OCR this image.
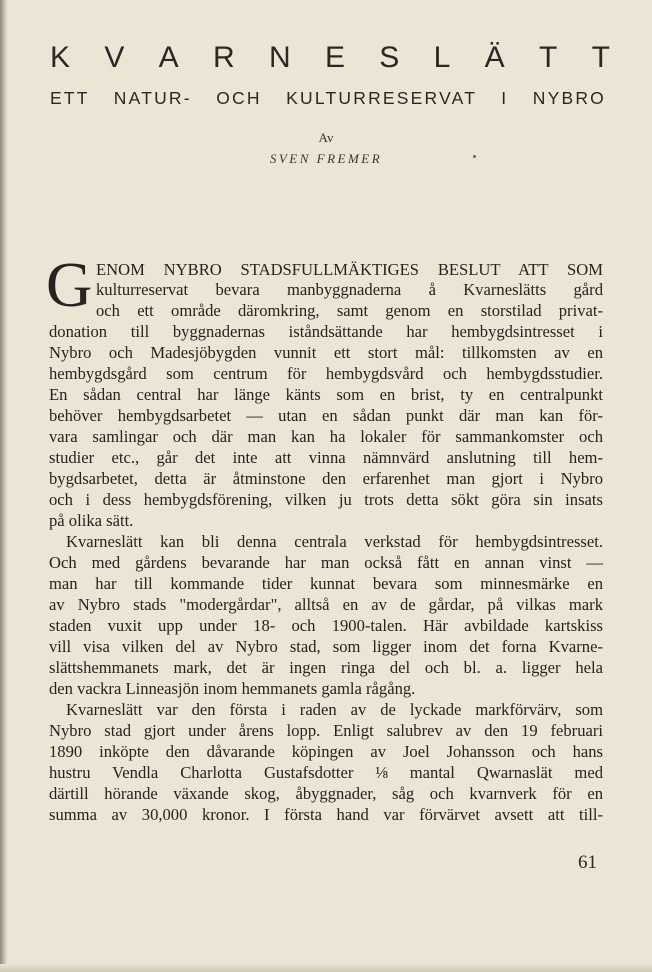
K V A R N E S L Ä T T
ETT NATUR- OCH KULTURRESERVAT I NYBRO
Av
SVEN FREMER
G ENOM NYBRO STADSFULLMÄKTIGES BESLUT ATT SOM
kulturreservat bevara manbyggnaderna å Kvarneslätts gård
och ett område däromkring, samt genom en storstilad privat-
donation till byggnadernas iståndsättande har hembygdsintresset i
Nybro och Madesjöbygden vunnit ett stort mål: tillkomsten av en
hembygdsgård som centrum för hembygdsvård och hembygdsstudier.
En sådan central har länge känts som en brist, ty en centralpunkt
behöver hembygdsarbetet — utan en sådan punkt där man kan för-
vara samlingar och där man kan ha lokaler för sammankomster och
studier etc., går det inte att vinna nämnvärd anslutning till hem-
bygdsarbetet, detta är åtminstone den erfarenhet man gjort i Nybro
och i dess hembygdsförening, vilken ju trots detta sökt göra sin insats
på olika sätt.
Kvarneslätt kan bli denna centrala verkstad för hembygdsintresset.
Och med gårdens bevarande har man också fått en annan vinst —
man har till kommande tider kunnat bevara som minnesmärke en
av Nybro stads "modergårdar", alltså en av de gårdar, på vilkas mark
staden vuxit upp under 18- och 1900-talen. Här avbildade kartskiss
vill visa vilken del av Nybro stad, som ligger inom det forna Kvarne-
slättshemmanets mark, det är ingen ringa del och bl. a. ligger hela
den vackra Linneasjön inom hemmanets gamla rågång.
Kvarneslätt var den första i raden av de lyckade markförvärv, som
Nybro stad gjort under årens lopp. Enligt salubrev av den 19 februari
1890 inköpte den dåvarande köpingen av Joel Johansson och hans
hustru Vendla Charlotta Gustafsdotter ⅛ mantal Qwarnaslät med
därtill hörande växande skog, åbyggnader, såg och kvarnverk för en
summa av 30,000 kronor. I första hand var förvärvet avsett att till-
61
